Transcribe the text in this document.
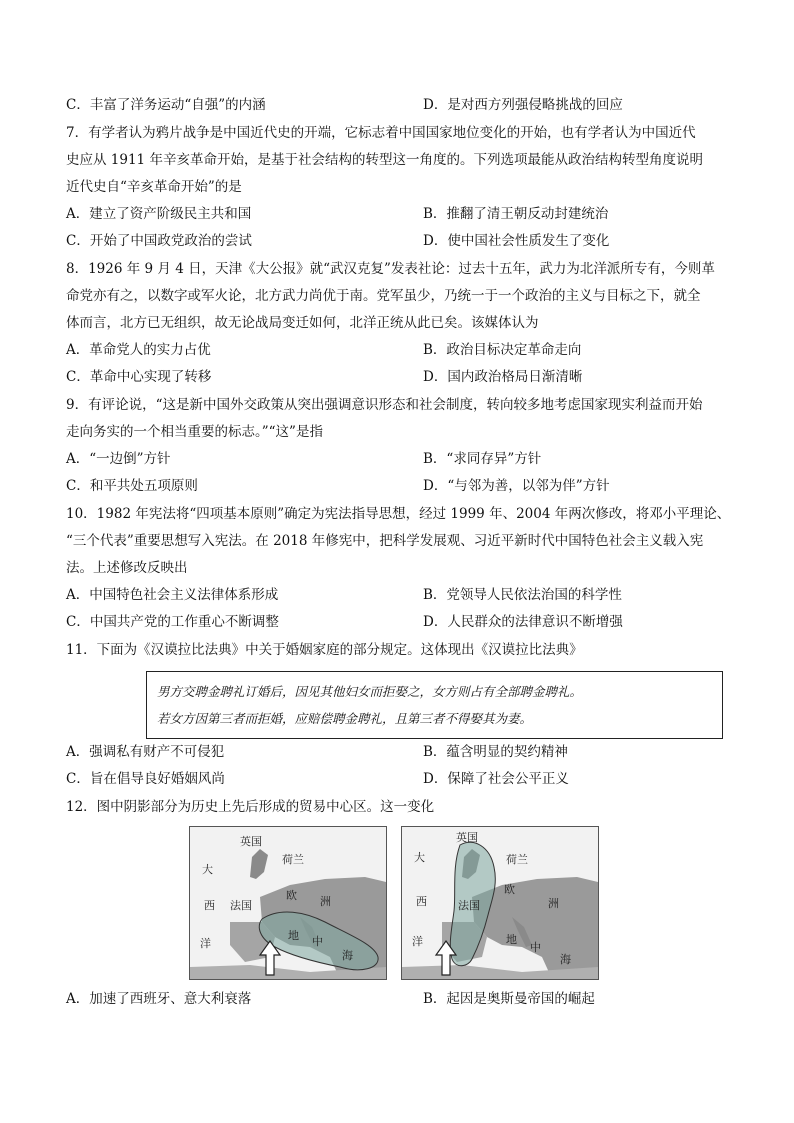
C．丰富了洋务运动“自强”的内涵	D．是对西方列强侵略挑战的回应
7．有学者认为鸦片战争是中国近代史的开端，它标志着中国国家地位变化的开始，也有学者认为中国近代
史应从 1911 年辛亥革命开始，是基于社会结构的转型这一角度的。下列选项最能从政治结构转型角度说明
近代史自“辛亥革命开始”的是
A．建立了资产阶级民主共和国	B．推翻了清王朝反动封建统治
C．开始了中国政党政治的尝试	D．使中国社会性质发生了变化
8．1926 年 9 月 4 日，天津《大公报》就“武汉克复”发表社论：过去十五年，武力为北洋派所专有，今则革
命党亦有之，以数字或军火论，北方武力尚优于南。党军虽少，乃统一于一个政治的主义与目标之下，就全
体而言，北方已无组织，故无论战局变迁如何，北洋正统从此已矣。该媒体认为
A．革命党人的实力占优	B．政治目标决定革命走向
C．革命中心实现了转移	D．国内政治格局日渐清晰
9．有评论说，“这是新中国外交政策从突出强调意识形态和社会制度，转向较多地考虑国家现实利益而开始
走向务实的一个相当重要的标志。”“这”是指
A．“一边倒”方针	B．“求同存异”方针
C．和平共处五项原则	D．“与邻为善，以邻为伴”方针
10．1982 年宪法将“四项基本原则”确定为宪法指导思想，经过 1999 年、2004 年两次修改，将邓小平理论、
“三个代表”重要思想写入宪法。在 2018 年修宪中，把科学发展观、习近平新时代中国特色社会主义载入宪
法。上述修改反映出
A．中国特色社会主义法律体系形成	B．党领导人民依法治国的科学性
C．中国共产党的工作重心不断调整	D．人民群众的法律意识不断增强
11．下面为《汉谟拉比法典》中关于婚姻家庭的部分规定。这体现出《汉谟拉比法典》
男方交聘金聘礼订婚后，因见其他妇女而拒娶之，女方则占有全部聘金聘礼。
若女方因第三者而拒婚，应赔偿聘金聘礼，且第三者不得娶其为妻。
A．强调私有财产不可侵犯	B．蕴含明显的契约精神
C．旨在倡导良好婚姻风尚	D．保障了社会公平正义
12．图中阴影部分为历史上先后形成的贸易中心区。这一变化
英国
荷兰
大
西
洋
法国
欧 洲
地 中
海
英国
荷兰
大
西
洋
法国
欧
洲
地
中
海
A．加速了西班牙、意大利衰落	B．起因是奥斯曼帝国的崛起
